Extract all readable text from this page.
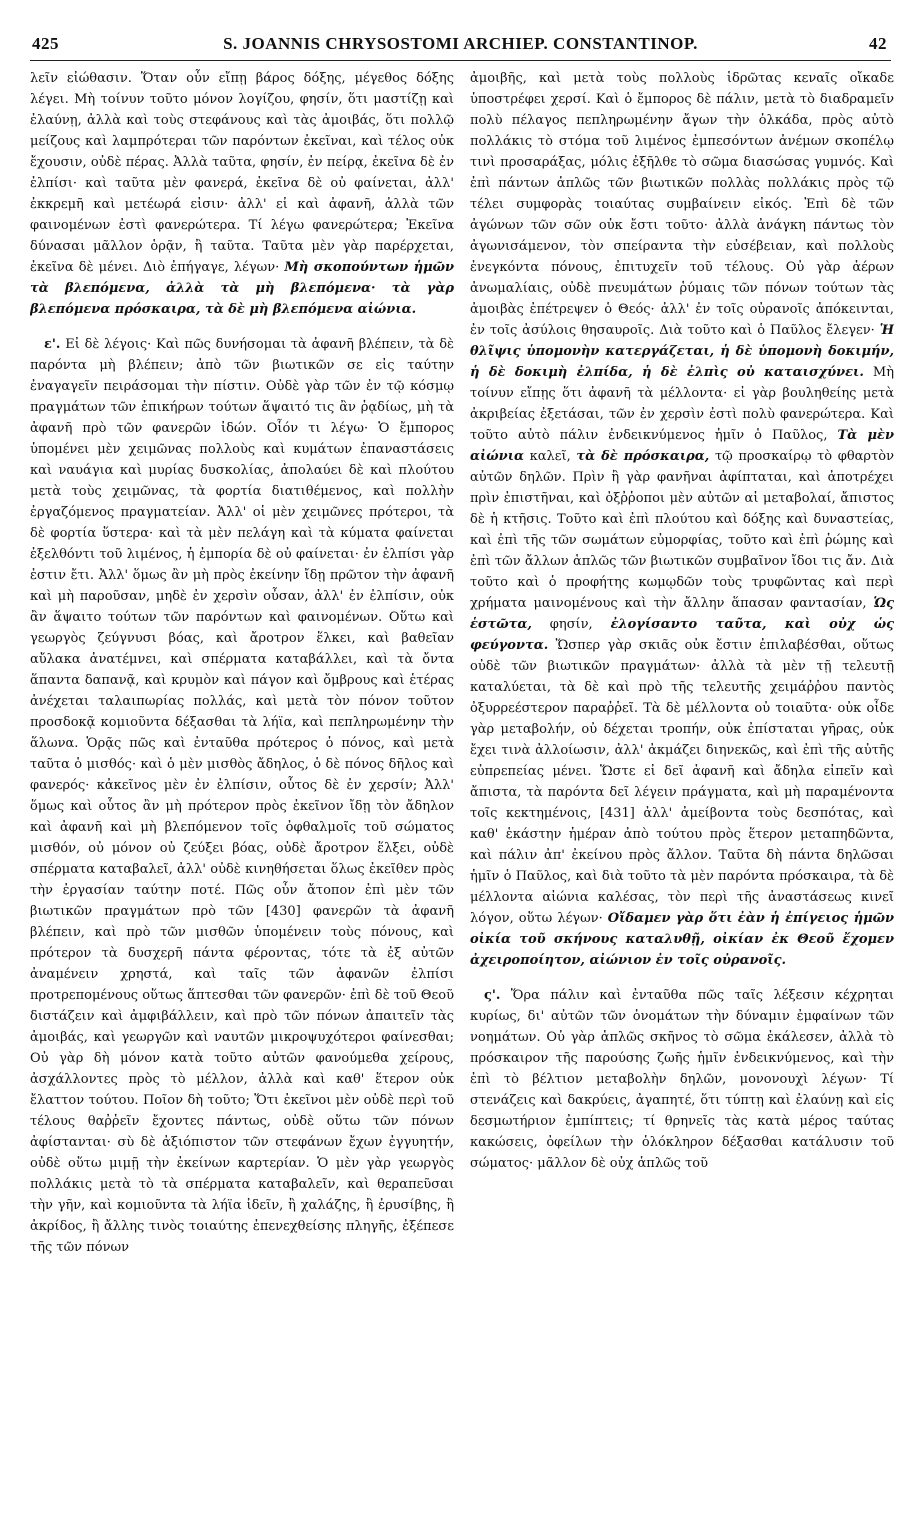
425	S. JOANNIS CHRYSOSTOMI ARCHIEP. CONSTANTINOP.	42

λεῖν εἰώθασιν. Ὅταν οὖν εἴπῃ βάρος δόξης, μέγεθος δόξης λέγει. Μὴ τοίνυν τοῦτο μόνον λογίζου, φησίν, ὅτι μαστίζῃ καὶ ἐλαύνῃ, ἀλλὰ καὶ τοὺς στεφάνους καὶ τὰς ἀμοιβάς, ὅτι πολλῷ μείζους καὶ λαμπρότεραι τῶν παρόντων ἐκεῖναι, καὶ τέλος οὐκ ἔχουσιν, οὐδὲ πέρας. Ἀλλὰ ταῦτα, φησίν, ἐν πείρᾳ, ἐκεῖνα δὲ ἐν ἐλπίσι· καὶ ταῦτα μὲν φανερά, ἐκεῖνα δὲ οὐ φαίνεται, ἀλλ' ἐκκρεμῆ καὶ μετέωρά εἰσιν· ἀλλ' εἰ καὶ ἀφανῆ, ἀλλὰ τῶν φαινομένων ἐστὶ φανερώτερα. Τί λέγω φανερώτερα; Ἐκεῖνα δύνασαι μᾶλλον ὁρᾷν, ἢ ταῦτα. Ταῦτα μὲν γὰρ παρέρχεται, ἐκεῖνα δὲ μένει. Διὸ ἐπήγαγε, λέγων· Μὴ σκοπούντων ἡμῶν τὰ βλεπόμενα, ἀλλὰ τὰ μὴ βλεπόμενα· τὰ γὰρ βλεπόμενα πρόσκαιρα, τὰ δὲ μὴ βλεπόμενα αἰώνια.

ε'. Εἰ δὲ λέγοις· Καὶ πῶς δυνήσομαι τὰ ἀφανῆ βλέπειν, τὰ δὲ παρόντα μὴ βλέπειν; ἀπὸ τῶν βιωτικῶν σε εἰς ταύτην ἐναγαγεῖν πειράσομαι τὴν πίστιν. Οὐδὲ γὰρ τῶν ἐν τῷ κόσμῳ πραγμάτων τῶν ἐπικήρων τούτων ἅψαιτό τις ἂν ῥᾳδίως, μὴ τὰ ἀφανῆ πρὸ τῶν φανερῶν ἰδών. Οἷόν τι λέγω· Ὁ ἔμπορος ὑπομένει μὲν χειμῶνας πολλοὺς καὶ κυμάτων ἐπαναστάσεις καὶ ναυάγια καὶ μυρίας δυσκολίας, ἀπολαύει δὲ καὶ πλούτου μετὰ τοὺς χειμῶνας, τὰ φορτία διατιθέμενος, καὶ πολλὴν ἐργαζόμενος πραγματείαν. Ἀλλ' οἱ μὲν χειμῶνες πρότεροι, τὰ δὲ φορτία ὕστερα· καὶ τὰ μὲν πελάγη καὶ τὰ κύματα φαίνεται ἐξελθόντι τοῦ λιμένος, ἡ ἐμπορία δὲ οὐ φαίνεται· ἐν ἐλπίσι γὰρ ἐστιν ἔτι. Ἀλλ' ὅμως ἂν μὴ πρὸς ἐκείνην ἴδῃ πρῶτον τὴν ἀφανῆ καὶ μὴ παροῦσαν, μηδὲ ἐν χερσὶν οὖσαν, ἀλλ' ἐν ἐλπίσιν, οὐκ ἂν ἅψαιτο τούτων τῶν παρόντων καὶ φαινομένων. Οὕτω καὶ γεωργὸς ζεύγνυσι βόας, καὶ ἄροτρον ἕλκει, καὶ βαθεῖαν αὔλακα ἀνατέμνει, καὶ σπέρματα καταβάλλει, καὶ τὰ ὄντα ἅπαντα δαπανᾷ, καὶ κρυμὸν καὶ πάγον καὶ ὄμβρους καὶ ἑτέρας ἀνέχεται ταλαιπωρίας πολλάς, καὶ μετὰ τὸν πόνον τοῦτον προσδοκᾷ κομιοῦντα δέξασθαι τὰ λήϊα, καὶ πεπληρωμένην τὴν ἅλωνα. Ὁρᾷς πῶς καὶ ἐνταῦθα πρότερος ὁ πόνος, καὶ μετὰ ταῦτα ὁ μισθός· καὶ ὁ μὲν μισθὸς ἄδηλος, ὁ δὲ πόνος δῆλος καὶ φανερός· κἀκεῖνος μὲν ἐν ἐλπίσιν, οὗτος δὲ ἐν χερσίν; Ἀλλ' ὅμως καὶ οὗτος ἂν μὴ πρότερον πρὸς ἐκεῖνον ἴδῃ τὸν ἄδηλον καὶ ἀφανῆ καὶ μὴ βλεπόμενον τοῖς ὀφθαλμοῖς τοῦ σώματος μισθόν, οὐ μόνον οὐ ζεύξει βόας, οὐδὲ ἄροτρον ἕλξει, οὐδὲ σπέρματα καταβαλεῖ, ἀλλ' οὐδὲ κινηθήσεται ὅλως ἐκεῖθεν πρὸς τὴν ἐργασίαν ταύτην ποτέ. Πῶς οὖν ἄτοπον ἐπὶ μὲν τῶν βιωτικῶν πραγμάτων πρὸ τῶν [430] φανερῶν τὰ ἀφανῆ βλέπειν, καὶ πρὸ τῶν μισθῶν ὑπομένειν τοὺς πόνους, καὶ πρότερον τὰ δυσχερῆ πάντα φέροντας, τότε τὰ ἐξ αὐτῶν ἀναμένειν χρηστά, καὶ ταῖς τῶν ἀφανῶν ἐλπίσι προτρεπομένους οὕτως ἅπτεσθαι τῶν φανερῶν· ἐπὶ δὲ τοῦ Θεοῦ διστάζειν καὶ ἀμφιβάλλειν, καὶ πρὸ τῶν πόνων ἀπαιτεῖν τὰς ἀμοιβάς, καὶ γεωργῶν καὶ ναυτῶν μικροψυχότεροι φαίνεσθαι; Οὐ γὰρ δὴ μόνον κατὰ τοῦτο αὐτῶν φανούμεθα χείρους, ἀσχάλλοντες πρὸς τὸ μέλλον, ἀλλὰ καὶ καθ' ἕτερον οὐκ ἔλαττον τούτου. Ποῖον δὴ τοῦτο; Ὅτι ἐκεῖνοι μὲν οὐδὲ περὶ τοῦ τέλους θαῤῥεῖν ἔχοντες πάντως, οὐδὲ οὕτω τῶν πόνων ἀφίστανται· σὺ δὲ ἀξιόπιστον τῶν στεφάνων ἔχων ἐγγυητήν, οὐδὲ οὕτω μιμῇ τὴν ἐκείνων καρτερίαν. Ὁ μὲν γὰρ γεωργὸς πολλάκις μετὰ τὸ τὰ σπέρματα καταβαλεῖν, καὶ θεραπεῦσαι τὴν γῆν, καὶ κομιοῦντα τὰ λήϊα ἰδεῖν, ἢ χαλάζης, ἢ ἐρυσίβης, ἢ ἀκρίδος, ἢ ἄλλης τινὸς τοιαύτης ἐπενεχθείσης πληγῆς, ἐξέπεσε τῆς τῶν πόνων

ἀμοιβῆς, καὶ μετὰ τοὺς πολλοὺς ἱδρῶτας κεναῖς οἴκαδε ὑποστρέφει χερσί. Καὶ ὁ ἔμπορος δὲ πάλιν, μετὰ τὸ διαδραμεῖν πολὺ πέλαγος πεπληρωμένην ἄγων τὴν ὁλκάδα, πρὸς αὐτὸ πολλάκις τὸ στόμα τοῦ λιμένος ἐμπεσόντων ἀνέμων σκοπέλῳ τινὶ προσαράξας, μόλις ἐξῆλθε τὸ σῶμα διασώσας γυμνός. Καὶ ἐπὶ πάντων ἁπλῶς τῶν βιωτικῶν πολλὰς πολλάκις πρὸς τῷ τέλει συμφορὰς τοιαύτας συμβαίνειν εἰκός. Ἐπὶ δὲ τῶν ἀγώνων τῶν σῶν οὐκ ἔστι τοῦτο· ἀλλὰ ἀνάγκη πάντως τὸν ἀγωνισάμενον, τὸν σπείραντα τὴν εὐσέβειαν, καὶ πολλοὺς ἐνεγκόντα πόνους, ἐπιτυχεῖν τοῦ τέλους. Οὐ γὰρ ἀέρων ἀνωμαλίαις, οὐδὲ πνευμάτων ῥύμαις τῶν πόνων τούτων τὰς ἀμοιβὰς ἐπέτρεψεν ὁ Θεός· ἀλλ' ἐν τοῖς οὐρανοῖς ἀπόκεινται, ἐν τοῖς ἀσύλοις θησαυροῖς. Διὰ τοῦτο καὶ ὁ Παῦλος ἔλεγεν· Ἡ θλῖψις ὑπομονὴν κατεργάζεται, ἡ δὲ ὑπομονὴ δοκιμήν, ἡ δὲ δοκιμὴ ἐλπίδα, ἡ δὲ ἐλπὶς οὐ καταισχύνει. Μὴ τοίνυν εἴπῃς ὅτι ἀφανῆ τὰ μέλλοντα· εἰ γὰρ βουληθείης μετὰ ἀκριβείας ἐξετάσαι, τῶν ἐν χερσὶν ἐστὶ πολὺ φανερώτερα. Καὶ τοῦτο αὐτὸ πάλιν ἐνδεικνύμενος ἡμῖν ὁ Παῦλος, Τὰ μὲν αἰώνια καλεῖ, τὰ δὲ πρόσκαιρα, τῷ προσκαίρῳ τὸ φθαρτὸν αὐτῶν δηλῶν. Πρὶν ἢ γὰρ φανῆναι ἀφίπταται, καὶ ἀποτρέχει πρὶν ἐπιστῆναι, καὶ ὀξῤῥοποι μὲν αὐτῶν αἱ μεταβολαί, ἄπιστος δὲ ἡ κτῆσις. Τοῦτο καὶ ἐπὶ πλούτου καὶ δόξης καὶ δυναστείας, καὶ ἐπὶ τῆς τῶν σωμάτων εὐμορφίας, τοῦτο καὶ ἐπὶ ῥώμης καὶ ἐπὶ τῶν ἄλλων ἁπλῶς τῶν βιωτικῶν συμβαῖνον ἴδοι τις ἄν. Διὰ τοῦτο καὶ ὁ προφήτης κωμῳδῶν τοὺς τρυφῶντας καὶ περὶ χρήματα μαινομένους καὶ τὴν ἄλλην ἅπασαν φαντασίαν, Ὡς ἑστῶτα, φησίν, ἐλογίσαντο ταῦτα, καὶ οὐχ ὡς φεύγοντα. Ὥσπερ γὰρ σκιᾶς οὐκ ἔστιν ἐπιλαβέσθαι, οὕτως οὐδὲ τῶν βιωτικῶν πραγμάτων· ἀλλὰ τὰ μὲν τῇ τελευτῇ καταλύεται, τὰ δὲ καὶ πρὸ τῆς τελευτῆς χειμάῤῥου παντὸς ὀξυρρεέστερον παραῤῥεῖ. Τὰ δὲ μέλλοντα οὐ τοιαῦτα· οὐκ οἶδε γὰρ μεταβολήν, οὐ δέχεται τροπήν, οὐκ ἐπίσταται γῆρας, οὐκ ἔχει τινὰ ἀλλοίωσιν, ἀλλ' ἀκμάζει διηνεκῶς, καὶ ἐπὶ τῆς αὐτῆς εὐπρεπείας μένει. Ὥστε εἰ δεῖ ἀφανῆ καὶ ἄδηλα εἰπεῖν καὶ ἄπιστα, τὰ παρόντα δεῖ λέγειν πράγματα, καὶ μὴ παραμένοντα τοῖς κεκτημένοις, [431] ἀλλ' ἀμείβοντα τοὺς δεσπότας, καὶ καθ' ἑκάστην ἡμέραν ἀπὸ τούτου πρὸς ἕτερον μεταπηδῶντα, καὶ πάλιν ἀπ' ἐκείνου πρὸς ἄλλον. Ταῦτα δὴ πάντα δηλῶσαι ἡμῖν ὁ Παῦλος, καὶ διὰ τοῦτο τὰ μὲν παρόντα πρόσκαιρα, τὰ δὲ μέλλοντα αἰώνια καλέσας, τὸν περὶ τῆς ἀναστάσεως κινεῖ λόγον, οὕτω λέγων· Οἴδαμεν γὰρ ὅτι ἐὰν ἡ ἐπίγειος ἡμῶν οἰκία τοῦ σκήνους καταλυθῇ, οἰκίαν ἐκ Θεοῦ ἔχομεν ἀχειροποίητον, αἰώνιον ἐν τοῖς οὐρανοῖς.

ς'. Ὅρα πάλιν καὶ ἐνταῦθα πῶς ταῖς λέξεσιν κέχρηται κυρίως, δι' αὐτῶν τῶν ὀνομάτων τὴν δύναμιν ἐμφαίνων τῶν νοημάτων. Οὐ γὰρ ἁπλῶς σκῆνος τὸ σῶμα ἐκάλεσεν, ἀλλὰ τὸ πρόσκαιρον τῆς παρούσης ζωῆς ἡμῖν ἐνδεικνύμενος, καὶ τὴν ἐπὶ τὸ βέλτιον μεταβολὴν δηλῶν, μονονουχὶ λέγων· Τί στενάζεις καὶ δακρύεις, ἀγαπητέ, ὅτι τύπτῃ καὶ ἐλαύνῃ καὶ εἰς δεσμωτήριον ἐμπίπτεις; τί θρηνεῖς τὰς κατὰ μέρος ταύτας κακώσεις, ὀφείλων τὴν ὁλόκληρον δέξασθαι κατάλυσιν τοῦ σώματος· μᾶλλον δὲ οὐχ ἁπλῶς τοῦ
